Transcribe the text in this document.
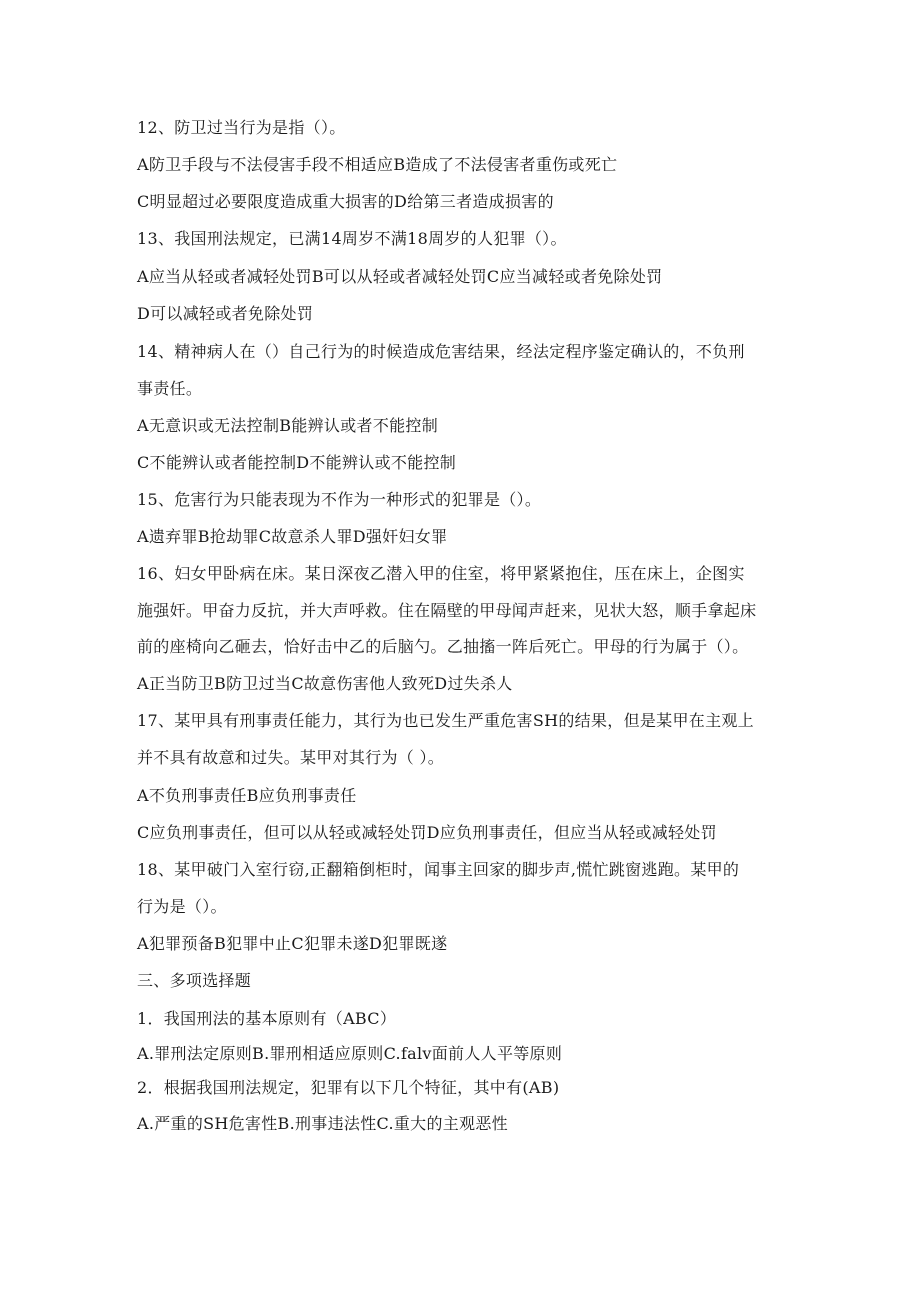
12、防卫过当行为是指（）。
A防卫手段与不法侵害手段不相适应B造成了不法侵害者重伤或死亡
C明显超过必要限度造成重大损害的D给第三者造成损害的
13、我国刑法规定，已满14周岁不满18周岁的人犯罪（）。
A应当从轻或者减轻处罚B可以从轻或者减轻处罚C应当减轻或者免除处罚
D可以减轻或者免除处罚
14、精神病人在（）自己行为的时候造成危害结果，经法定程序鉴定确认的，不负刑
事责任。
A无意识或无法控制B能辨认或者不能控制
C不能辨认或者能控制D不能辨认或不能控制
15、危害行为只能表现为不作为一种形式的犯罪是（）。
A遗弃罪B抢劫罪C故意杀人罪D强奸妇女罪
16、妇女甲卧病在床。某日深夜乙潜入甲的住室，将甲紧紧抱住，压在床上，企图实
施强奸。甲奋力反抗，并大声呼救。住在隔壁的甲母闻声赶来，见状大怒，顺手拿起床
前的座椅向乙砸去，恰好击中乙的后脑勺。乙抽搐一阵后死亡。甲母的行为属于（）。
A正当防卫B防卫过当C故意伤害他人致死D过失杀人
17、某甲具有刑事责任能力，其行为也已发生严重危害SH的结果，但是某甲在主观上
并不具有故意和过失。某甲对其行为（ ）。
A不负刑事责任B应负刑事责任
C应负刑事责任，但可以从轻或减轻处罚D应负刑事责任，但应当从轻或减轻处罚
18、某甲破门入室行窃,正翻箱倒柜时，闻事主回家的脚步声,慌忙跳窗逃跑。某甲的
行为是（）。
A犯罪预备B犯罪中止C犯罪未遂D犯罪既遂
三、多项选择题
1．我国刑法的基本原则有（ABC）
A.罪刑法定原则B.罪刑相适应原则C.falv面前人人平等原则
2．根据我国刑法规定，犯罪有以下几个特征，其中有(AB)
A.严重的SH危害性B.刑事违法性C.重大的主观恶性
